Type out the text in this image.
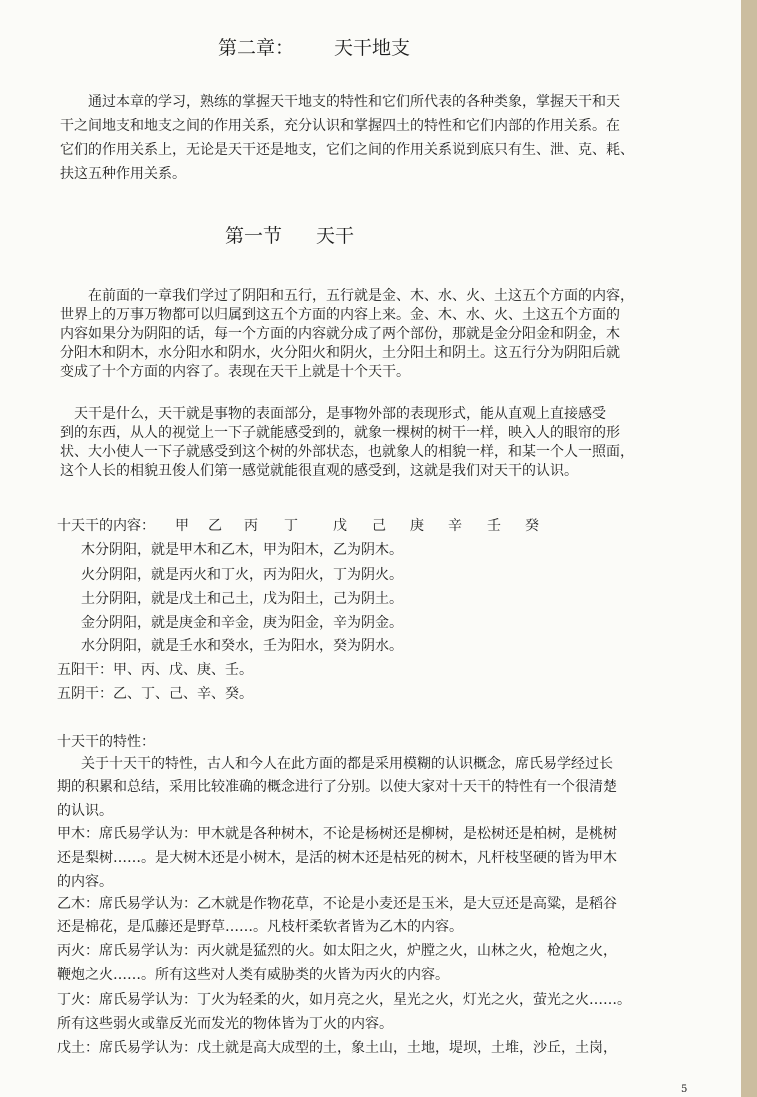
第二章： 天干地支
通过本章的学习，熟练的掌握天干地支的特性和它们所代表的各种类象，掌握天干和天
干之间地支和地支之间的作用关系，充分认识和掌握四土的特性和它们内部的作用关系。在
它们的作用关系上，无论是天干还是地支，它们之间的作用关系说到底只有生、泄、克、耗、
扶这五种作用关系。
第一节 天干
在前面的一章我们学过了阴阳和五行，五行就是金、木、水、火、土这五个方面的内容，
世界上的万事万物都可以归属到这五个方面的内容上来。金、木、水、火、土这五个方面的
内容如果分为阴阳的话，每一个方面的内容就分成了两个部份，那就是金分阳金和阴金，木
分阳木和阴木，水分阳水和阴水，火分阳火和阴火，土分阳土和阴土。这五行分为阴阳后就
变成了十个方面的内容了。表现在天干上就是十个天干。
天干是什么，天干就是事物的表面部分，是事物外部的表现形式，能从直观上直接感受
到的东西，从人的视觉上一下子就能感受到的，就象一棵树的树干一样，映入人的眼帘的形
状、大小使人一下子就感受到这个树的外部状态，也就象人的相貌一样，和某一个人一照面，
这个人长的相貌丑俊人们第一感觉就能很直观的感受到，这就是我们对天干的认识。
十天干的内容： 甲 乙 丙 丁	戊 己 庚 辛 壬 癸
木分阴阳，就是甲木和乙木，甲为阳木，乙为阴木。
火分阴阳，就是丙火和丁火，丙为阳火，丁为阴火。
土分阴阳，就是戊土和己土，戊为阳土，己为阴土。
金分阴阳，就是庚金和辛金，庚为阳金，辛为阴金。
水分阴阳，就是壬水和癸水，壬为阳水，癸为阴水。
五阳干：甲、丙、戊、庚、壬。
五阴干：乙、丁、己、辛、癸。
十天干的特性：
关于十天干的特性，古人和今人在此方面的都是采用模糊的认识概念，席氏易学经过长
期的积累和总结，采用比较准确的概念进行了分别。以使大家对十天干的特性有一个很清楚
的认识。
甲木：席氏易学认为：甲木就是各种树木，不论是杨树还是柳树，是松树还是柏树，是桃树
还是梨树……。是大树木还是小树木，是活的树木还是枯死的树木，凡杆枝坚硬的皆为甲木
的内容。
乙木：席氏易学认为：乙木就是作物花草，不论是小麦还是玉米，是大豆还是高粱，是稻谷
还是棉花，是瓜藤还是野草……。凡枝杆柔软者皆为乙木的内容。
丙火：席氏易学认为：丙火就是猛烈的火。如太阳之火，炉膛之火，山林之火，枪炮之火，
鞭炮之火……。所有这些对人类有威胁类的火皆为丙火的内容。
丁火：席氏易学认为：丁火为轻柔的火，如月亮之火，星光之火，灯光之火，萤光之火……。
所有这些弱火或靠反光而发光的物体皆为丁火的内容。
戊土：席氏易学认为：戊土就是高大成型的土，象土山，土地，堤坝，土堆，沙丘，土岗，
5
